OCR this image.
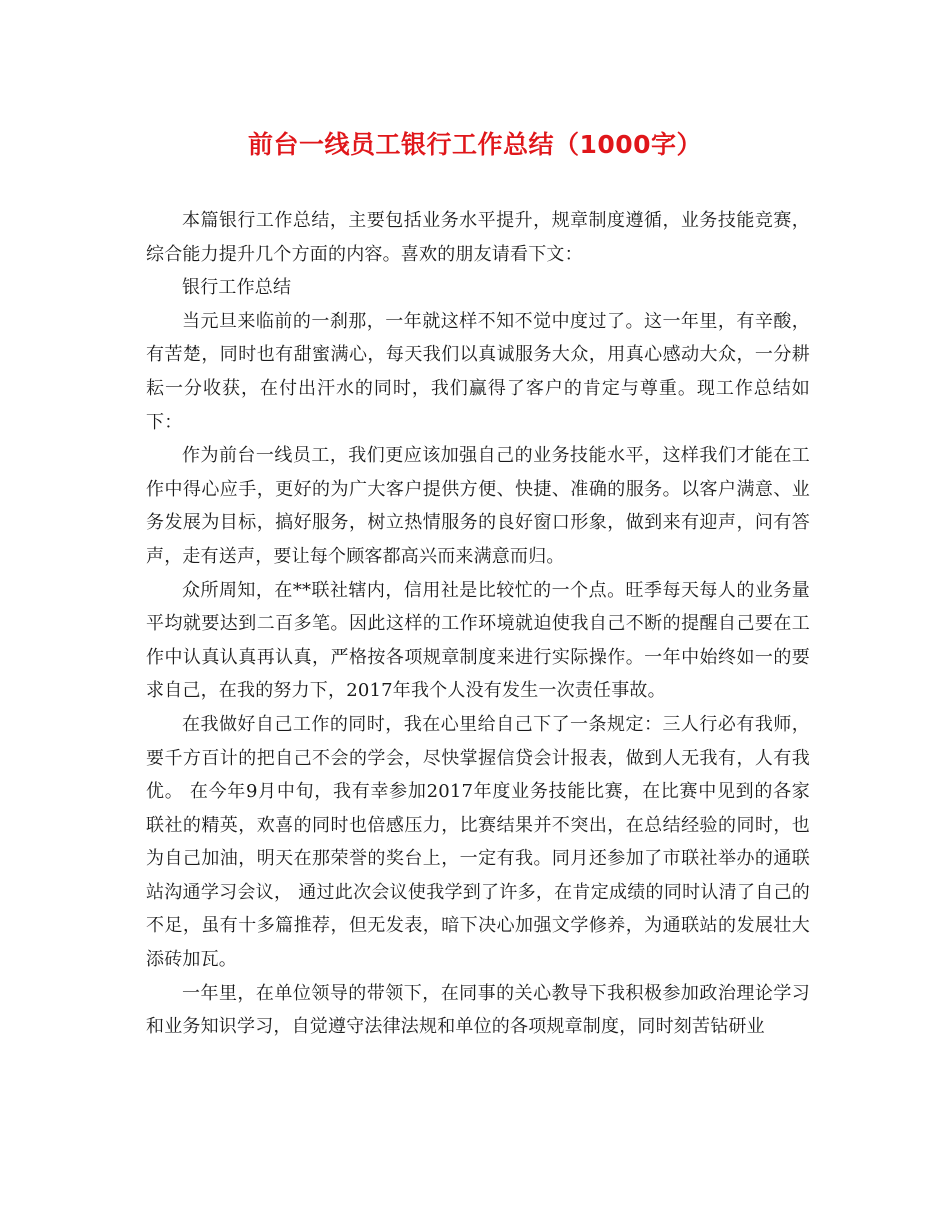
前台一线员工银行工作总结（1000字）

本篇银行工作总结，主要包括业务水平提升，规章制度遵循，业务技能竞赛，综合能力提升几个方面的内容。喜欢的朋友请看下文：

银行工作总结

当元旦来临前的一刹那，一年就这样不知不觉中度过了。这一年里，有辛酸，有苦楚，同时也有甜蜜满心，每天我们以真诚服务大众，用真心感动大众，一分耕耘一分收获，在付出汗水的同时，我们赢得了客户的肯定与尊重。现工作总结如下：

作为前台一线员工，我们更应该加强自己的业务技能水平，这样我们才能在工作中得心应手，更好的为广大客户提供方便、快捷、准确的服务。以客户满意、业务发展为目标，搞好服务，树立热情服务的良好窗口形象，做到来有迎声，问有答声，走有送声，要让每个顾客都高兴而来满意而归。

众所周知，在**联社辖内，信用社是比较忙的一个点。旺季每天每人的业务量平均就要达到二百多笔。因此这样的工作环境就迫使我自己不断的提醒自己要在工作中认真认真再认真，严格按各项规章制度来进行实际操作。一年中始终如一的要求自己，在我的努力下，2017年我个人没有发生一次责任事故。

在我做好自己工作的同时，我在心里给自己下了一条规定：三人行必有我师，要千方百计的把自己不会的学会，尽快掌握信贷会计报表，做到人无我有，人有我优。 在今年9月中旬，我有幸参加2017年度业务技能比赛，在比赛中见到的各家联社的精英，欢喜的同时也倍感压力，比赛结果并不突出，在总结经验的同时，也为自己加油，明天在那荣誉的奖台上，一定有我。同月还参加了市联社举办的通联站沟通学习会议， 通过此次会议使我学到了许多，在肯定成绩的同时认清了自己的不足，虽有十多篇推荐，但无发表，暗下决心加强文学修养，为通联站的发展壮大添砖加瓦。

一年里，在单位领导的带领下，在同事的关心教导下我积极参加政治理论学习和业务知识学习，自觉遵守法律法规和单位的各项规章制度，同时刻苦钻研业
